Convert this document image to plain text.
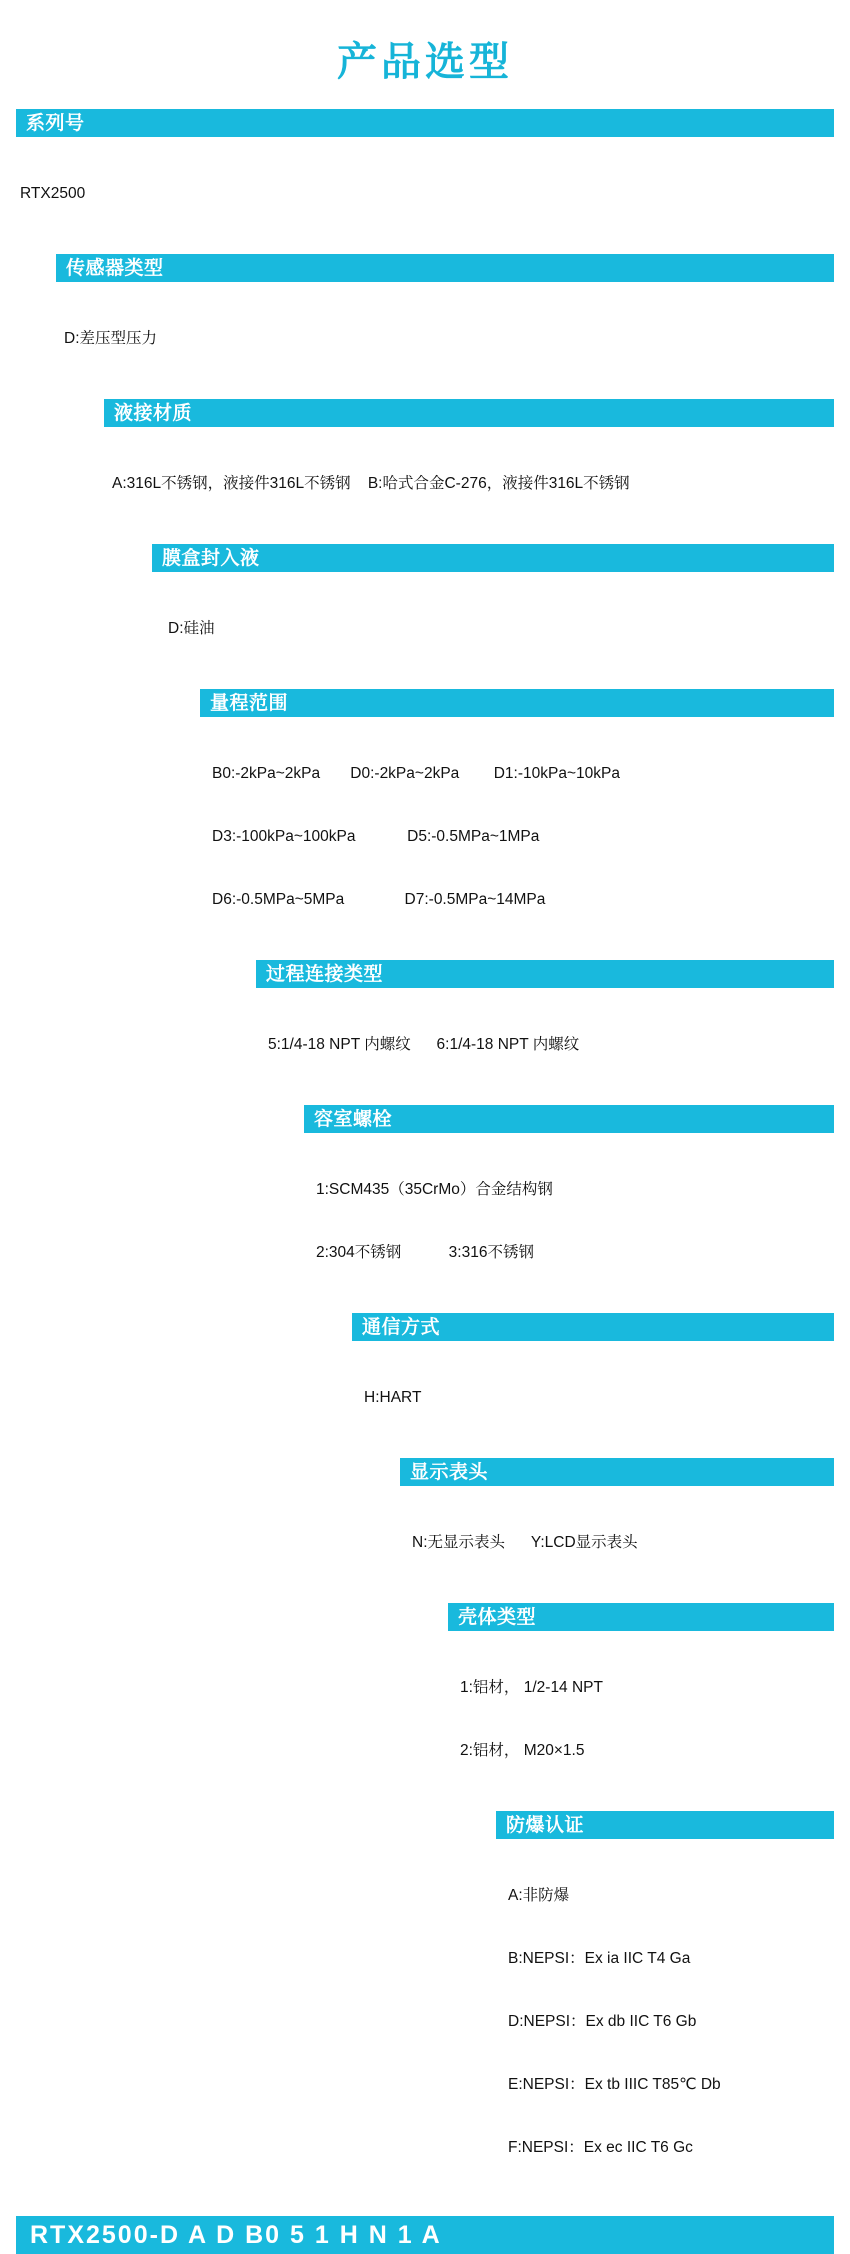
产品选型
系列号

RTX2500

传感器类型

D:差压型压力

液接材质

A:316L不锈钢，液接件316L不锈钢    B:哈式合金C-276，液接件316L不锈钢

膜盒封入液

D:硅油

量程范围

B0:-2kPa~2kPa       D0:-2kPa~2kPa        D1:-10kPa~10kPa

D3:-100kPa~100kPa            D5:-0.5MPa~1MPa

D6:-0.5MPa~5MPa              D7:-0.5MPa~14MPa

过程连接类型

5:1/4-18 NPT 内螺纹      6:1/4-18 NPT 内螺纹

容室螺栓

1:SCM435（35CrMo）合金结构钢

2:304不锈钢           3:316不锈钢

通信方式

H:HART

显示表头

N:无显示表头      Y:LCD显示表头

壳体类型

1:铝材， 1/2-14 NPT

2:铝材， M20×1.5

防爆认证

A:非防爆

B:NEPSI：Ex ia IIC T4 Ga

D:NEPSI：Ex db IIC T6 Gb

E:NEPSI：Ex tb IIIC T85℃ Db

F:NEPSI：Ex ec IIC T6 Gc

RTX2500-D A D B0 5 1 H N 1 A
